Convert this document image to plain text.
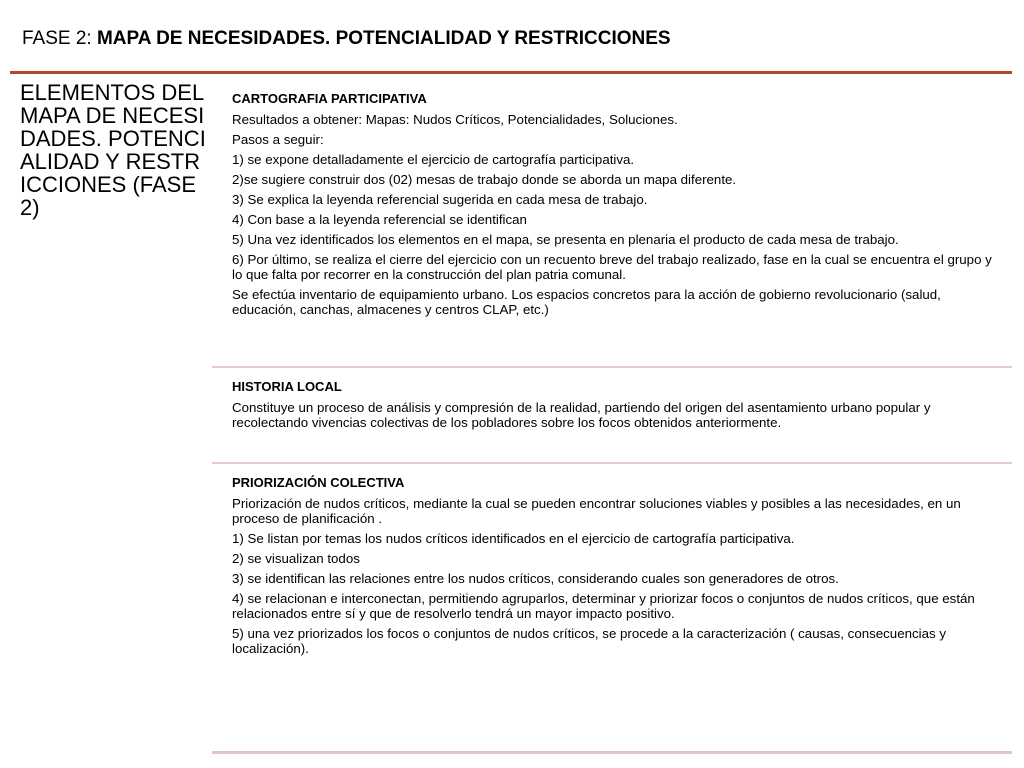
FASE 2: MAPA DE NECESIDADES. POTENCIALIDAD Y RESTRICCIONES
ELEMENTOS DEL MAPA DE NECESIDADES. POTENCIALIDAD Y RESTRICCIONES (FASE 2)
CARTOGRAFIA PARTICIPATIVA
Resultados a obtener: Mapas: Nudos Críticos, Potencialidades, Soluciones.
Pasos a seguir:
1) se expone detalladamente el ejercicio de cartografía participativa.
2)se sugiere construir dos (02) mesas de trabajo donde se aborda un mapa diferente.
3) Se explica la leyenda referencial sugerida en cada mesa de trabajo.
4) Con base a la leyenda referencial se identifican
5) Una vez identificados los elementos en el mapa, se presenta en plenaria el producto de cada mesa de trabajo.
6) Por último, se realiza el cierre del ejercicio con un recuento breve del trabajo realizado, fase en la cual se encuentra el grupo y lo que falta por recorrer en la construcción del plan patria comunal.
Se efectúa inventario de equipamiento urbano. Los espacios concretos para la acción de gobierno revolucionario (salud, educación, canchas, almacenes y centros CLAP, etc.)
HISTORIA LOCAL
Constituye un proceso de análisis y compresión de la realidad, partiendo del origen del asentamiento urbano popular y recolectando vivencias colectivas de los pobladores sobre los focos obtenidos anteriormente.
PRIORIZACIÓN COLECTIVA
Priorización de nudos críticos, mediante la cual se pueden encontrar soluciones viables y posibles a las necesidades, en un proceso de planificación .
1) Se listan por temas los nudos críticos identificados en el ejercicio de cartografía participativa.
2) se visualizan todos
3) se identifican las relaciones entre los nudos críticos, considerando cuales son generadores de otros.
4) se relacionan e interconectan, permitiendo agruparlos, determinar y priorizar focos o conjuntos de nudos críticos, que están relacionados entre sí y que de resolverlo tendrá un mayor impacto positivo.
5) una vez priorizados los focos o conjuntos de nudos críticos, se procede a la caracterización ( causas, consecuencias y localización).
